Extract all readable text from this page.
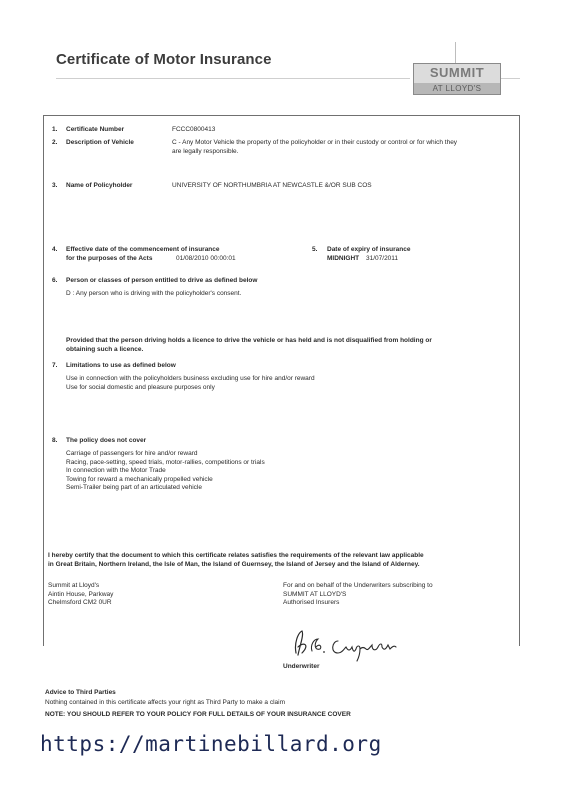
Certificate of Motor Insurance
SUMMIT
AT LLOYD'S
1. Certificate Number	FCCC0800413
2. Description of Vehicle	C - Any Motor Vehicle the property of the policyholder or in their custody or control or for which they
are legally responsible.
3. Name of Policyholder	UNIVERSITY OF NORTHUMBRIA AT NEWCASTLE &/OR SUB COS
4. Effective date of the commencement of insurance
for the purposes of the Acts	01/08/2010 00:00:01
5. Date of expiry of insurance
MIDNIGHT 31/07/2011
6. Person or classes of person entitled to drive as defined below
D : Any person who is driving with the policyholder's consent.
Provided that the person driving holds a licence to drive the vehicle or has held and is not disqualified from holding or
obtaining such a licence.
7. Limitations to use as defined below
Use in connection with the policyholders business excluding use for hire and/or reward
Use for social domestic and pleasure purposes only
8. The policy does not cover
Carriage of passengers for hire and/or reward
Racing, pace-setting, speed trials, motor-rallies, competitions or trials
In connection with the Motor Trade
Towing for reward a mechanically propelled vehicle
Semi-Trailer being part of an articulated vehicle
I hereby certify that the document to which this certificate relates satisfies the requirements of the relevant law applicable
in Great Britain, Northern Ireland, the Isle of Man, the Island of Guernsey, the Island of Jersey and the Island of Alderney.
Summit at Lloyd's
Aintin House, Parkway
Chelmsford CM2 0UR
For and on behalf of the Underwriters subscribing to
SUMMIT AT LLOYD'S
Authorised Insurers
Underwriter
Advice to Third Parties
Nothing contained in this certificate affects your right as Third Party to make a claim
NOTE: YOU SHOULD REFER TO YOUR POLICY FOR FULL DETAILS OF YOUR INSURANCE COVER
https://martinebillard.org
